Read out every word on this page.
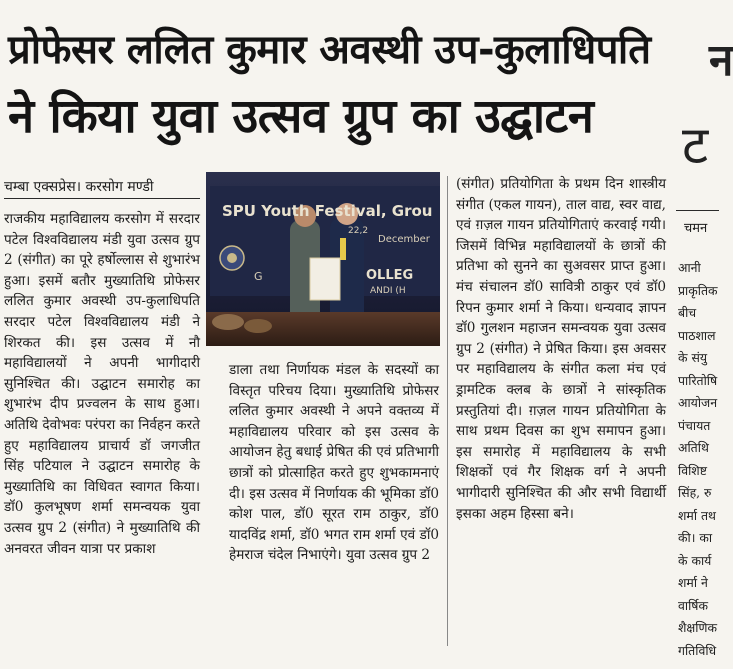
प्रोफेसर ललित कुमार अवस्थी उप-कुलाधिपति
ने किया युवा उत्सव ग्रुप का उद्घाटन
न
ट
चमन
आनी
प्राकृतिक
बीच
पाठशाल
के संयु
पारितोषि
आयोजन
पंचायत
अतिथि
विशिष्ट
सिंह, रु
शर्मा तथ
की। का
के कार्य
शर्मा ने
वार्षिक
शैक्षणिक
गतिविधि
चम्बा एक्सप्रेस। करसोग मण्डी
SPU Youth Festival, Grou
22,2
December
OLLEG
ANDI (H
G

राजकीय महाविद्यालय करसोग में सरदार पटेल विश्वविद्यालय मंडी युवा उत्सव ग्रुप 2 (संगीत) का पूरे हर्षोल्लास से शुभारंभ हुआ। इसमें बतौर मुख्यातिथि प्रोफेसर ललित कुमार अवस्थी उप-कुलाधिपति सरदार पटेल विश्वविद्यालय मंडी ने शिरकत की। इस उत्सव में नौ महाविद्यालयों ने अपनी भागीदारी सुनिश्चित की। उद्घाटन समारोह का शुभारंभ दीप प्रज्वलन के साथ हुआ। अतिथि देवोभवः परंपरा का निर्वहन करते हुए महाविद्यालय प्राचार्य डॉ जगजीत सिंह पटियाल ने उद्घाटन समारोह के मुख्यातिथि का विधिवत स्वागत किया। डॉ0 कुलभूषण शर्मा समन्वयक युवा उत्सव ग्रुप 2 (संगीत) ने मुख्यातिथि की अनवरत जीवन यात्रा पर प्रकाश

डाला तथा निर्णायक मंडल के सदस्यों का विस्तृत परिचय दिया। मुख्यातिथि प्रोफेसर ललित कुमार अवस्थी ने अपने वक्तव्य में महाविद्यालय परिवार को इस उत्सव के आयोजन हेतु बधाई प्रेषित की एवं प्रतिभागी छात्रों को प्रोत्साहित करते हुए शुभकामनाएं दी। इस उत्सव में निर्णायक की भूमिका डॉ0 कोश पाल, डॉ0 सूरत राम ठाकुर, डॉ0 यादविंद्र शर्मा, डॉ0 भगत राम शर्मा एवं डॉ0 हेमराज चंदेल निभाएंगे। युवा उत्सव ग्रुप 2

(संगीत) प्रतियोगिता के प्रथम दिन शास्त्रीय संगीत (एकल गायन), ताल वाद्य, स्वर वाद्य, एवं ग़ज़ल गायन प्रतियोगिताएं करवाई गयी। जिसमें विभिन्न महाविद्यालयों के छात्रों की प्रतिभा को सुनने का सुअवसर प्राप्त हुआ। मंच संचालन डॉ0 सावित्री ठाकुर एवं डॉ0 रिपन कुमार शर्मा ने किया। धन्यवाद ज्ञापन डॉ0 गुलशन महाजन समन्वयक युवा उत्सव ग्रुप 2 (संगीत) ने प्रेषित किया। इस अवसर पर महाविद्यालय के संगीत कला मंच एवं ड्रामटिक क्लब के छात्रों ने सांस्कृतिक प्रस्तुतियां दी। ग़ज़ल गायन प्रतियोगिता के साथ प्रथम दिवस का शुभ समापन हुआ। इस समारोह में महाविद्यालय के सभी शिक्षकों एवं गैर शिक्षक वर्ग ने अपनी भागीदारी सुनिश्चित की और सभी विद्यार्थी इसका अहम हिस्सा बने।
